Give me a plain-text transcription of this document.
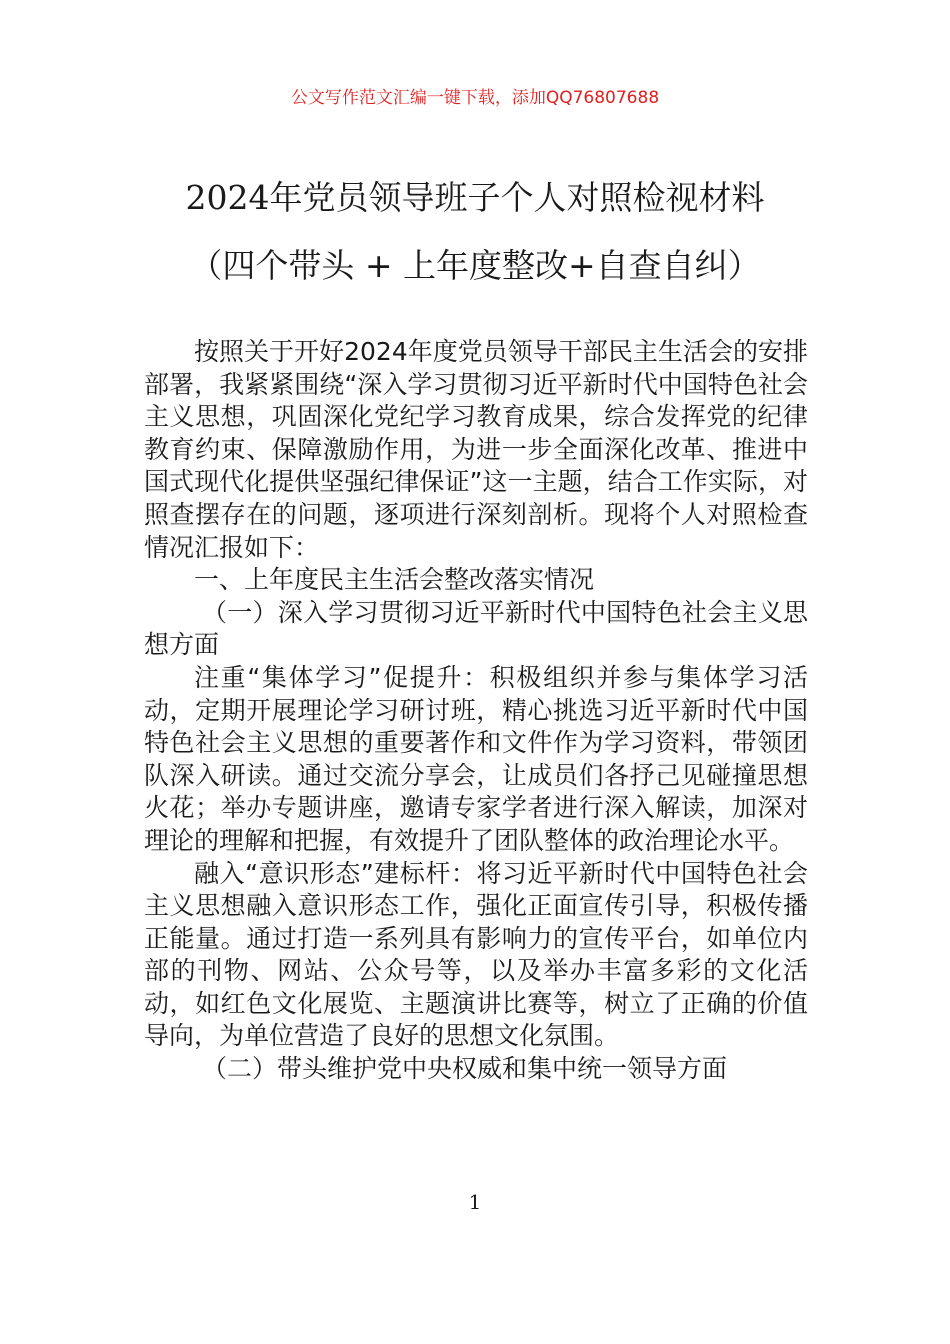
公文写作范文汇编一键下载，添加QQ76807688
2024年党员领导班子个人对照检视材料
（四个带头 + 上年度整改+自查自纠）

按照关于开好2024年度党员领导干部民主生活会的安排部署，我紧紧围绕“深入学习贯彻习近平新时代中国特色社会主义思想，巩固深化党纪学习教育成果，综合发挥党的纪律教育约束、保障激励作用，为进一步全面深化改革、推进中国式现代化提供坚强纪律保证”这一主题，结合工作实际，对照查摆存在的问题，逐项进行深刻剖析。现将个人对照检查情况汇报如下：

一、上年度民主生活会整改落实情况

（一）深入学习贯彻习近平新时代中国特色社会主义思想方面

注重“集体学习”促提升：积极组织并参与集体学习活动，定期开展理论学习研讨班，精心挑选习近平新时代中国特色社会主义思想的重要著作和文件作为学习资料，带领团队深入研读。通过交流分享会，让成员们各抒己见碰撞思想火花；举办专题讲座，邀请专家学者进行深入解读，加深对理论的理解和把握，有效提升了团队整体的政治理论水平。

融入“意识形态”建标杆：将习近平新时代中国特色社会主义思想融入意识形态工作，强化正面宣传引导，积极传播正能量。通过打造一系列具有影响力的宣传平台，如单位内部的刊物、网站、公众号等，以及举办丰富多彩的文化活动，如红色文化展览、主题演讲比赛等，树立了正确的价值导向，为单位营造了良好的思想文化氛围。

（二）带头维护党中央权威和集中统一领导方面

1
